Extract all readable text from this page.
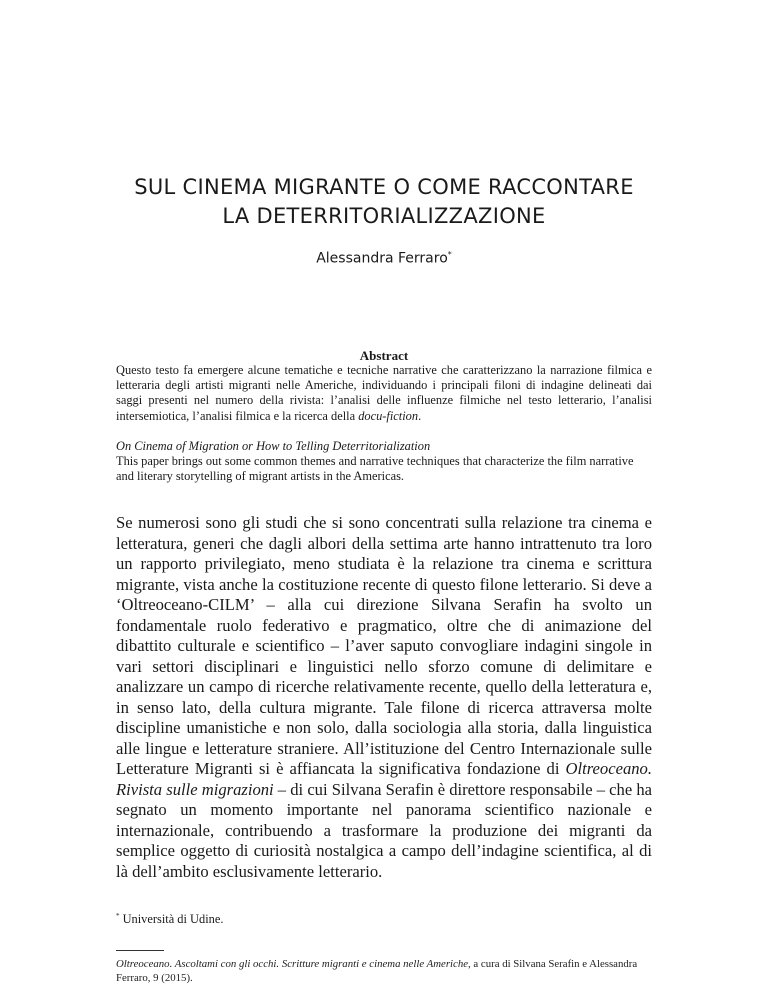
SUL CINEMA MIGRANTE O COME RACCONTARE
LA DETERRITORIALIZZAZIONE
Alessandra Ferraro*
Abstract

Questo testo fa emergere alcune tematiche e tecniche narrative che caratterizzano la narrazione filmica e letteraria degli artisti migranti nelle Americhe, individuando i principali filoni di indagine delineati dai saggi presenti nel numero della rivista: l’analisi delle influenze filmiche nel testo letterario, l’analisi intersemiotica, l’analisi filmica e la ricerca della docu-fiction.

On Cinema of Migration or How to Telling Deterritorialization
This paper brings out some common themes and narrative techniques that characterize the film narrative and literary storytelling of migrant artists in the Americas.

Se numerosi sono gli studi che si sono concentrati sulla relazione tra cinema e letteratura, generi che dagli albori della settima arte hanno intrattenuto tra loro un rapporto privilegiato, meno studiata è la relazione tra cinema e scrittura migrante, vista anche la costituzione recente di questo filone letterario. Si deve a ‘Oltreoceano-CILM’ – alla cui direzione Silvana Serafin ha svolto un fondamentale ruolo federativo e pragmatico, oltre che di animazione del dibattito culturale e scientifico – l’aver saputo convogliare indagini singole in vari settori disciplinari e linguistici nello sforzo comune di delimitare e analizzare un campo di ricerche relativamente recente, quello della letteratura e, in senso lato, della cultura migrante. Tale filone di ricerca attraversa molte discipline umanistiche e non solo, dalla sociologia alla storia, dalla linguistica alle lingue e letterature straniere. All’istituzione del Centro Internazionale sulle Letterature Migranti si è affiancata la significativa fondazione di Oltreoceano. Rivista sulle migrazioni – di cui Silvana Serafin è direttore responsabile – che ha segnato un momento importante nel panorama scientifico nazionale e internazionale, contribuendo a trasformare la produzione dei migranti da semplice oggetto di curiosità nostalgica a campo dell’indagine scientifica, al di là dell’ambito esclusivamente letterario.

* Università di Udine.

Oltreoceano. Ascoltami con gli occhi. Scritture migranti e cinema nelle Americhe, a cura di Silvana Serafin e Alessandra Ferraro, 9 (2015).
